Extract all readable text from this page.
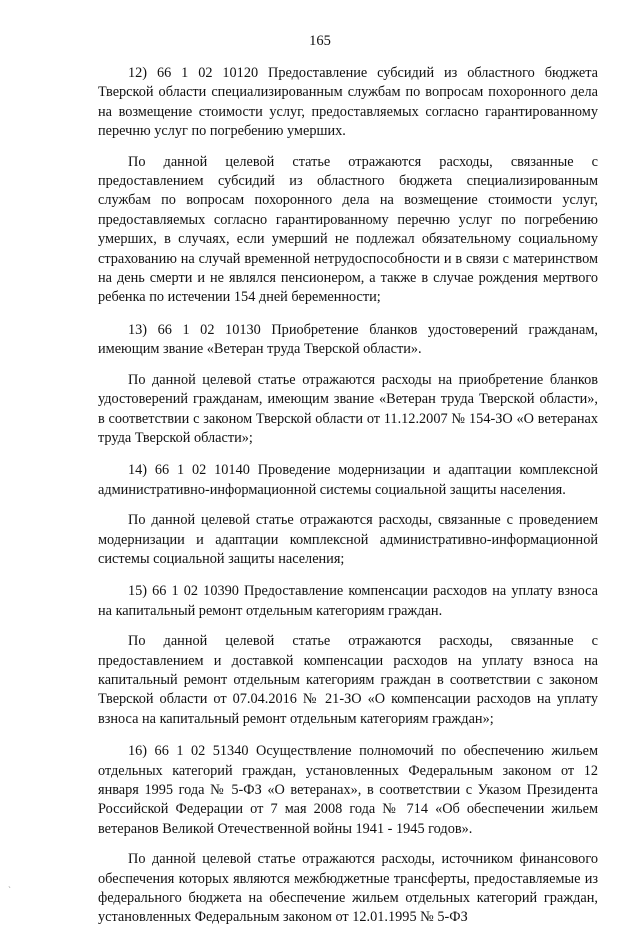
165

12) 66 1 02 10120 Предоставление субсидий из областного бюджета Тверской области специализированным службам по вопросам похоронного дела на возмещение стоимости услуг, предоставляемых согласно гарантированному перечню услуг по погребению умерших.

По данной целевой статье отражаются расходы, связанные с предоставлением субсидий из областного бюджета специализированным службам по вопросам похоронного дела на возмещение стоимости услуг, предоставляемых согласно гарантированному перечню услуг по погребению умерших, в случаях, если умерший не подлежал обязательному социальному страхованию на случай временной нетрудоспособности и в связи с материнством на день смерти и не являлся пенсионером, а также в случае рождения мертвого ребенка по истечении 154 дней беременности;

13) 66 1 02 10130 Приобретение бланков удостоверений гражданам, имеющим звание «Ветеран труда Тверской области».

По данной целевой статье отражаются расходы на приобретение бланков удостоверений гражданам, имеющим звание «Ветеран труда Тверской области», в соответствии с законом Тверской области от 11.12.2007 № 154-ЗО «О ветеранах труда Тверской области»;

14) 66 1 02 10140 Проведение модернизации и адаптации комплексной административно-информационной системы социальной защиты населения.

По данной целевой статье отражаются расходы, связанные с проведением модернизации и адаптации комплексной административно-информационной системы социальной защиты населения;

15) 66 1 02 10390 Предоставление компенсации расходов на уплату взноса на капитальный ремонт отдельным категориям граждан.

По данной целевой статье отражаются расходы, связанные с предоставлением и доставкой компенсации расходов на уплату взноса на капитальный ремонт отдельным категориям граждан в соответствии с законом Тверской области от 07.04.2016 № 21-ЗО «О компенсации расходов на уплату взноса на капитальный ремонт отдельным категориям граждан»;

16) 66 1 02 51340 Осуществление полномочий по обеспечению жильем отдельных категорий граждан, установленных Федеральным законом от 12 января 1995 года № 5-ФЗ «О ветеранах», в соответствии с Указом Президента Российской Федерации от 7 мая 2008 года № 714 «Об обеспечении жильем ветеранов Великой Отечественной войны 1941 - 1945 годов».

По данной целевой статье отражаются расходы, источником финансового обеспечения которых являются межбюджетные трансферты, предоставляемые из федерального бюджета на обеспечение жильем отдельных категорий граждан, установленных Федеральным законом от 12.01.1995 № 5-ФЗ

`
